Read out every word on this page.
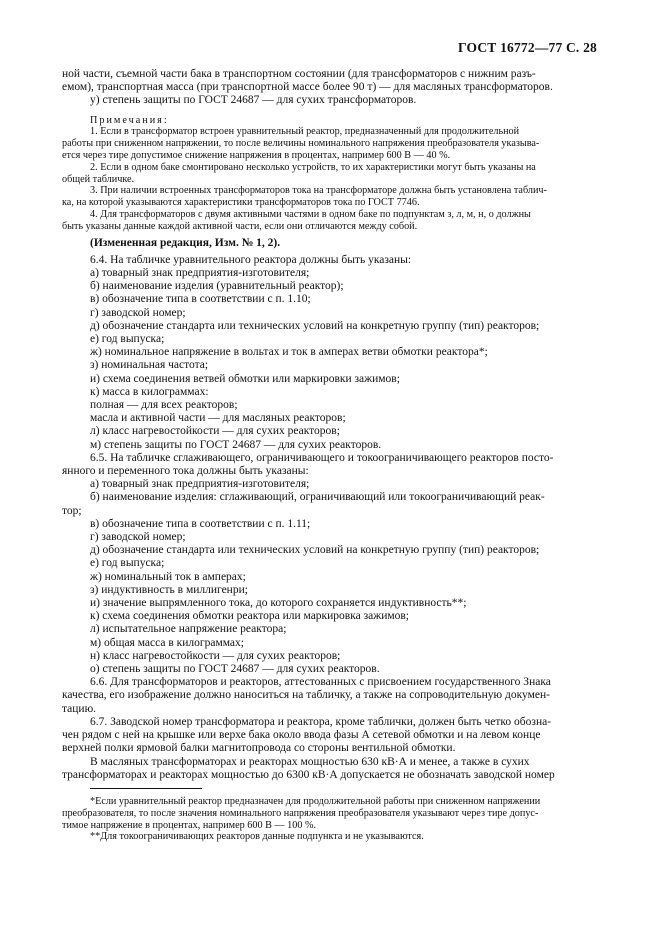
ГОСТ 16772—77 С. 28

ной части, съемной части бака в транспортном состоянии (для трансформаторов с нижним разъ-

емом), транспортная масса (при транспортной массе более 90 т) — для масляных трансформаторов.

у) степень защиты по ГОСТ 24687 — для сухих трансформаторов.

Примечания:

1. Если в трансформатор встроен уравнительный реактор, предназначенный для продолжительной

работы при сниженном напряжении, то после величины номинального напряжения преобразователя указыва-

ется через тире допустимое снижение напряжения в процентах, например 600 В — 40 %.

2. Если в одном баке смонтировано несколько устройств, то их характеристики могут быть указаны на

общей табличке.

3. При наличии встроенных трансформаторов тока на трансформаторе должна быть установлена таблич-

ка, на которой указываются характеристики трансформаторов тока по ГОСТ 7746.

4. Для трансформаторов с двумя активными частями в одном баке по подпунктам з, л, м, н, о должны

быть указаны данные каждой активной части, если они отличаются между собой.

(Измененная редакция, Изм. № 1, 2).

6.4. На табличке уравнительного реактора должны быть указаны:

а) товарный знак предприятия-изготовителя;

б) наименование изделия (уравнительный реактор);

в) обозначение типа в соответствии с п. 1.10;

г) заводской номер;

д) обозначение стандарта или технических условий на конкретную группу (тип) реакторов;

е) год выпуска;

ж) номинальное напряжение в вольтах и ток в амперах ветви обмотки реактора*;

з) номинальная частота;

и) схема соединения ветвей обмотки или маркировки зажимов;

к) масса в килограммах:

полная — для всех реакторов;

масла и активной части — для масляных реакторов;

л) класс нагревостойкости — для сухих реакторов;

м) степень защиты по ГОСТ 24687 — для сухих реакторов.

6.5. На табличке сглаживающего, ограничивающего и токоограничивающего реакторов посто-

янного и переменного тока должны быть указаны:

а) товарный знак предприятия-изготовителя;

б) наименование изделия: сглаживающий, ограничивающий или токоограничивающий реак-

тор;

в) обозначение типа в соответствии с п. 1.11;

г) заводской номер;

д) обозначение стандарта или технических условий на конкретную группу (тип) реакторов;

е) год выпуска;

ж) номинальный ток в амперах;

з) индуктивность в миллигенри;

и) значение выпрямленного тока, до которого сохраняется индуктивность**;

к) схема соединения обмотки реактора или маркировка зажимов;

л) испытательное напряжение реактора;

м) общая масса в килограммах;

н) класс нагревостойкости — для сухих реакторов;

о) степень защиты по ГОСТ 24687 — для сухих реакторов.

6.6. Для трансформаторов и реакторов, аттестованных с присвоением государственного Знака

качества, его изображение должно наноситься на табличку, а также на сопроводительную докумен-

тацию.

6.7. Заводской номер трансформатора и реактора, кроме таблички, должен быть четко обозна-

чен рядом с ней на крышке или верхе бака около ввода фазы А сетевой обмотки и на левом конце

верхней полки ярмовой балки магнитопровода со стороны вентильной обмотки.

В масляных трансформаторах и реакторах мощностью 630 кВ·А и менее, а также в сухих

трансформаторах и реакторах мощностью до 6300 кВ·А допускается не обозначать заводской номер

*Если уравнительный реактор предназначен для продолжительной работы при сниженном напряжении

преобразователя, то после значения номинального напряжения преобразователя указывают через тире допус-

тимое напряжение в процентах, например 600 В — 100 %.

**Для токоограничивающих реакторов данные подпункта и не указываются.
